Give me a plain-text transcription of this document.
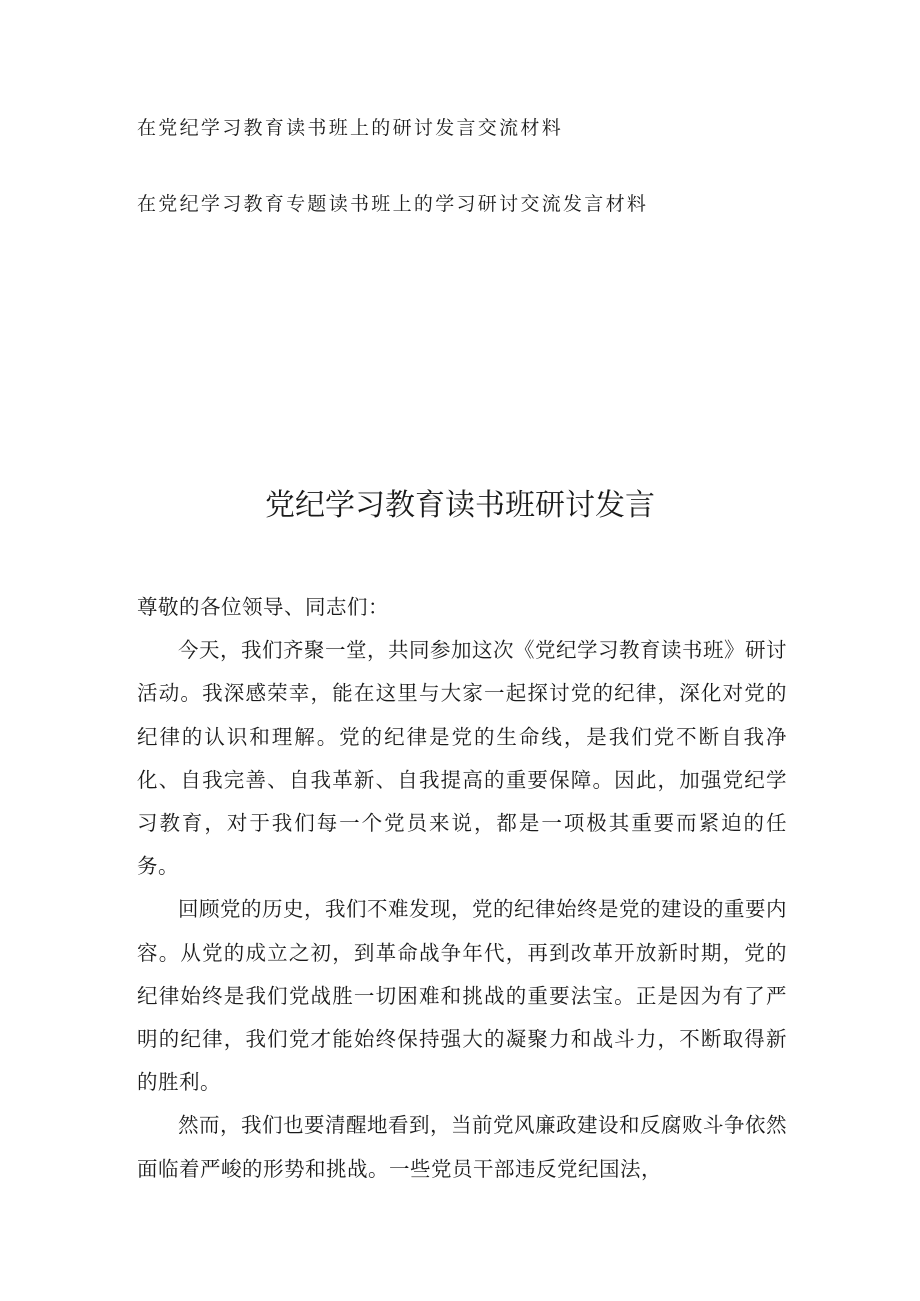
在党纪学习教育读书班上的研讨发言交流材料
在党纪学习教育专题读书班上的学习研讨交流发言材料
党纪学习教育读书班研讨发言

尊敬的各位领导、同志们：

今天，我们齐聚一堂，共同参加这次《党纪学习教育读书班》研讨活动。我深感荣幸，能在这里与大家一起探讨党的纪律，深化对党的纪律的认识和理解。党的纪律是党的生命线，是我们党不断自我净化、自我完善、自我革新、自我提高的重要保障。因此，加强党纪学习教育，对于我们每一个党员来说，都是一项极其重要而紧迫的任务。

回顾党的历史，我们不难发现，党的纪律始终是党的建设的重要内容。从党的成立之初，到革命战争年代，再到改革开放新时期，党的纪律始终是我们党战胜一切困难和挑战的重要法宝。正是因为有了严明的纪律，我们党才能始终保持强大的凝聚力和战斗力，不断取得新的胜利。

然而，我们也要清醒地看到，当前党风廉政建设和反腐败斗争依然面临着严峻的形势和挑战。一些党员干部违反党纪国法，
